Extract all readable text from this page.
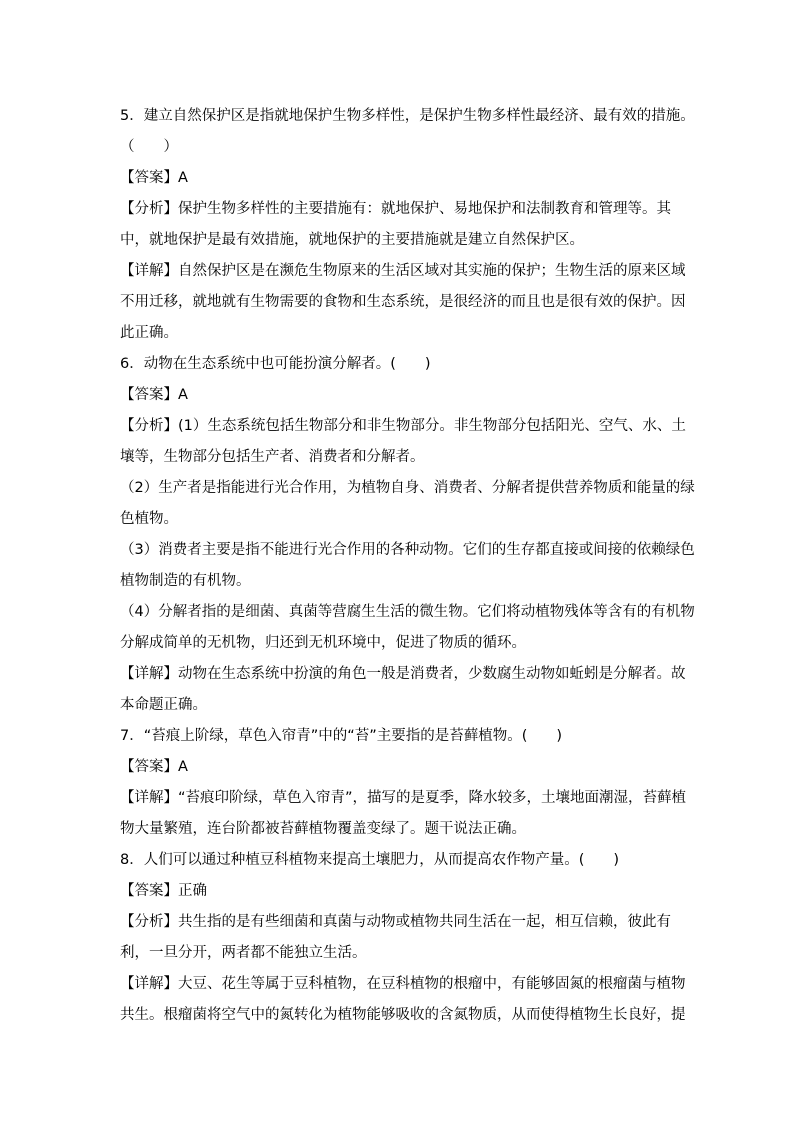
5．建立自然保护区是指就地保护生物多样性，是保护生物多样性最经济、最有效的措施。
（　　）
【答案】A
【分析】保护生物多样性的主要措施有：就地保护、易地保护和法制教育和管理等。其
中，就地保护是最有效措施，就地保护的主要措施就是建立自然保护区。
【详解】自然保护区是在濒危生物原来的生活区域对其实施的保护；生物生活的原来区域
不用迁移，就地就有生物需要的食物和生态系统，是很经济的而且也是很有效的保护。因
此正确。
6．动物在生态系统中也可能扮演分解者。(　　)
【答案】A
【分析】(1）生态系统包括生物部分和非生物部分。非生物部分包括阳光、空气、水、土
壤等，生物部分包括生产者、消费者和分解者。
（2）生产者是指能进行光合作用，为植物自身、消费者、分解者提供营养物质和能量的绿
色植物。
（3）消费者主要是指不能进行光合作用的各种动物。它们的生存都直接或间接的依赖绿色
植物制造的有机物。
（4）分解者指的是细菌、真菌等营腐生生活的微生物。它们将动植物残体等含有的有机物
分解成简单的无机物，归还到无机环境中，促进了物质的循环。
【详解】动物在生态系统中扮演的角色一般是消费者，少数腐生动物如蚯蚓是分解者。故
本命题正确。
7．“苔痕上阶绿，草色入帘青”中的“苔”主要指的是苔藓植物。(　　)
【答案】A
【详解】“苔痕印阶绿，草色入帘青”，描写的是夏季，降水较多，土壤地面潮湿，苔藓植
物大量繁殖，连台阶都被苔藓植物覆盖变绿了。题干说法正确。
8．人们可以通过种植豆科植物来提高土壤肥力，从而提高农作物产量。(　　)
【答案】正确
【分析】共生指的是有些细菌和真菌与动物或植物共同生活在一起，相互信赖，彼此有
利，一旦分开，两者都不能独立生活。
【详解】大豆、花生等属于豆科植物，在豆科植物的根瘤中，有能够固氮的根瘤菌与植物
共生。根瘤菌将空气中的氮转化为植物能够吸收的含氮物质，从而使得植物生长良好，提
